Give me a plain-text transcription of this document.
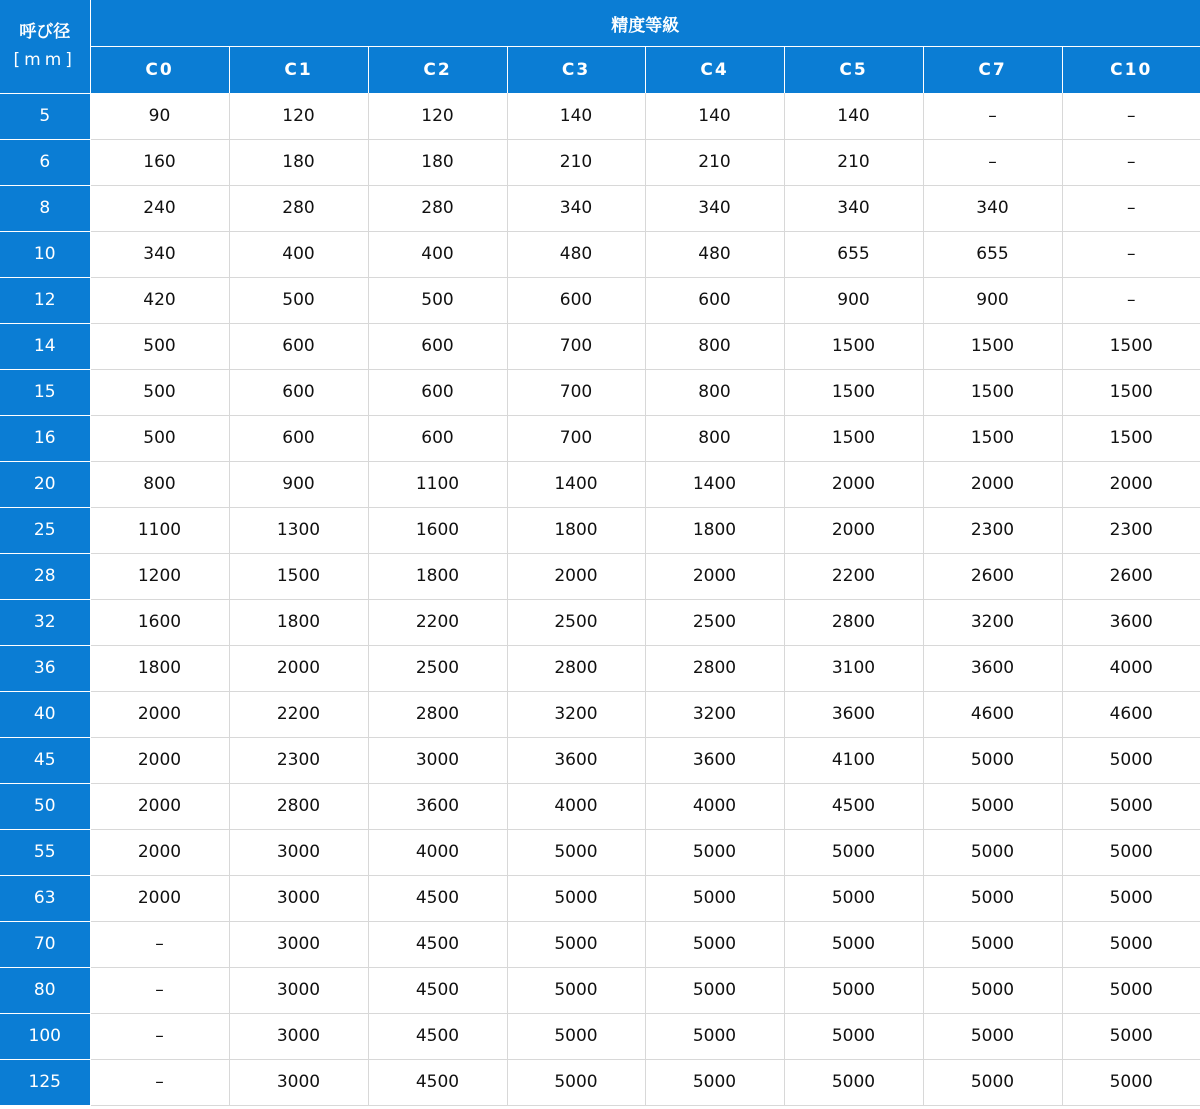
呼び径
[mm]	精度等級							
	C0	C1	C2	C3	C4	C5	C7	C10
5	90	120	120	140	140	140	–	–
6	160	180	180	210	210	210	–	–
8	240	280	280	340	340	340	340	–
10	340	400	400	480	480	655	655	–
12	420	500	500	600	600	900	900	–
14	500	600	600	700	800	1500	1500	1500
15	500	600	600	700	800	1500	1500	1500
16	500	600	600	700	800	1500	1500	1500
20	800	900	1100	1400	1400	2000	2000	2000
25	1100	1300	1600	1800	1800	2000	2300	2300
28	1200	1500	1800	2000	2000	2200	2600	2600
32	1600	1800	2200	2500	2500	2800	3200	3600
36	1800	2000	2500	2800	2800	3100	3600	4000
40	2000	2200	2800	3200	3200	3600	4600	4600
45	2000	2300	3000	3600	3600	4100	5000	5000
50	2000	2800	3600	4000	4000	4500	5000	5000
55	2000	3000	4000	5000	5000	5000	5000	5000
63	2000	3000	4500	5000	5000	5000	5000	5000
70	–	3000	4500	5000	5000	5000	5000	5000
80	–	3000	4500	5000	5000	5000	5000	5000
100	–	3000	4500	5000	5000	5000	5000	5000
125	–	3000	4500	5000	5000	5000	5000	5000
